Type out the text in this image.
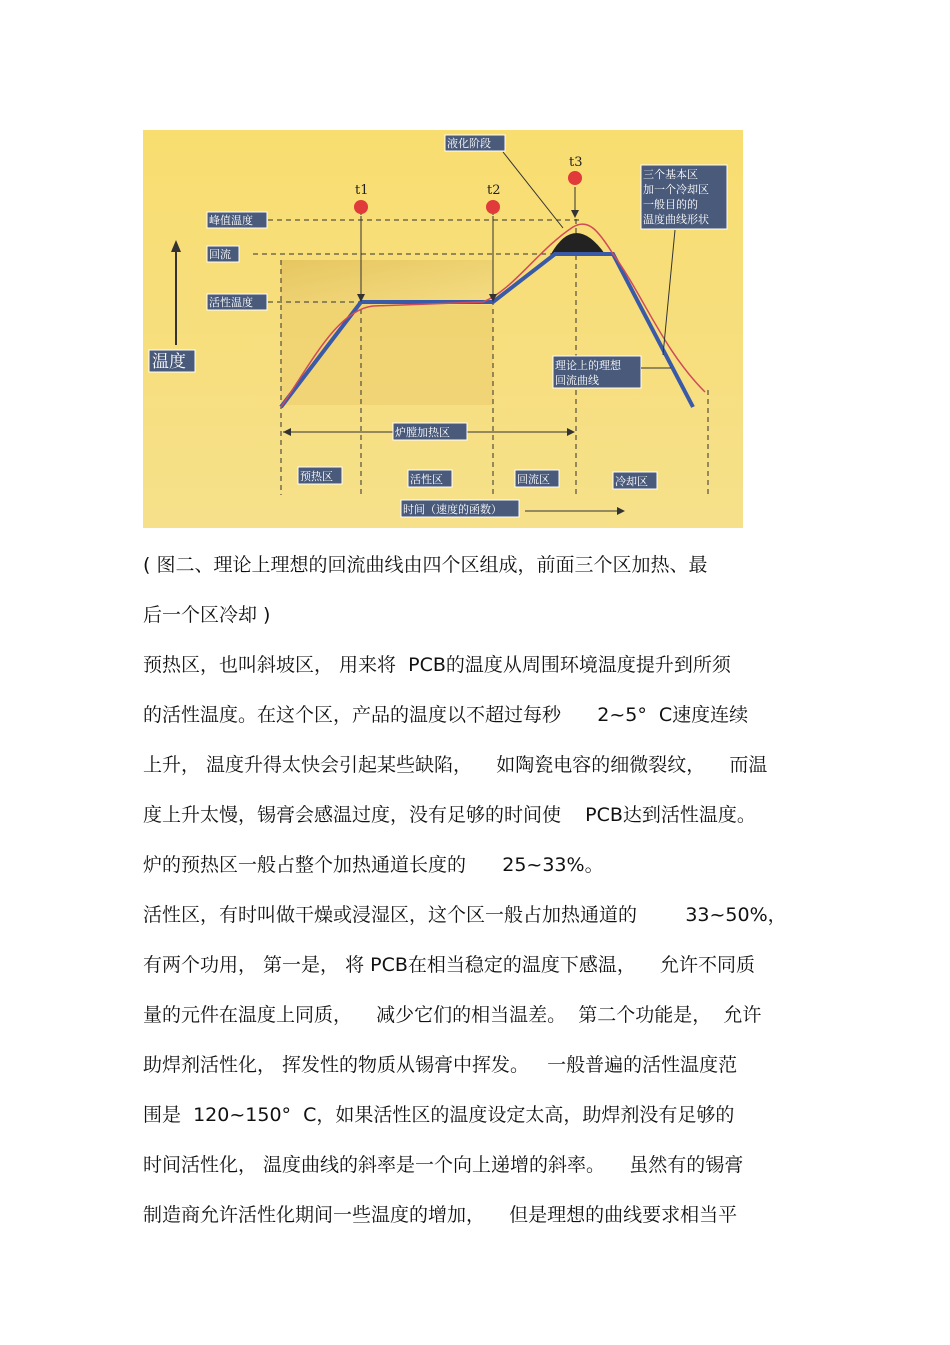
t1	t2
t3
峰值温度
回流
活性温度
温度
液化阶段
三个基本区
加一个冷却区
一般目的的
温度曲线形状
理论上的理想
回流曲线
炉膛加热区
预热区	活性区	回流区	冷却区
时间（速度的函数）

( 图二、理论上理想的回流曲线由四个区组成，前面三个区加热、最
后一个区冷却 )

预热区，也叫斜坡区， 用来将  PCB的温度从周围环境温度提升到所须
的活性温度。在这个区，产品的温度以不超过每秒      2~5°  C速度连续
上升， 温度升得太快会引起某些缺陷，    如陶瓷电容的细微裂纹，    而温
度上升太慢，锡膏会感温过度，没有足够的时间使    PCB达到活性温度。
炉的预热区一般占整个加热通道长度的      25~33%。

活性区，有时叫做干燥或浸湿区，这个区一般占加热通道的        33~50%，
有两个功用， 第一是， 将 PCB在相当稳定的温度下感温，    允许不同质
量的元件在温度上同质，    减少它们的相当温差。  第二个功能是，  允许
助焊剂活性化， 挥发性的物质从锡膏中挥发。   一般普遍的活性温度范
围是  120~150°  C，如果活性区的温度设定太高，助焊剂没有足够的
时间活性化， 温度曲线的斜率是一个向上递增的斜率。    虽然有的锡膏
制造商允许活性化期间一些温度的增加，    但是理想的曲线要求相当平
